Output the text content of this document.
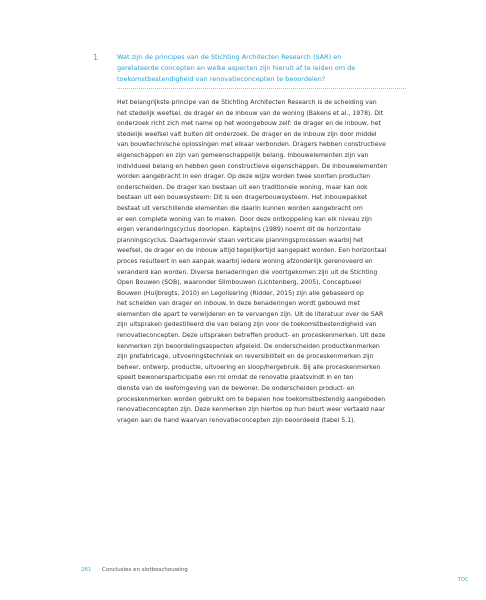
1	Wat zijn de principes van de Stichting Architecten Research (SAR) en
gerelateerde concepten en welke aspecten zijn hieruit af te leiden om de
toekomstbestendigheid van renovatieconcepten te beoordelen?
Het belangrijkste principe van de Stichting Architecten Research is de scheiding van
het stedelijk weefsel, de drager en de inbouw van de woning (Bakens et al., 1978). Dit
onderzoek richt zich met name op het woongebouw zelf: de drager en de inbouw, het
stedelijk weefsel valt buiten dit onderzoek. De drager en de inbouw zijn door middel
van bouwtechnische oplossingen met elkaar verbonden. Dragers hebben constructieve
eigenschappen en zijn van gemeenschappelijk belang. Inbouwelementen zijn van
individueel belang en hebben geen constructieve eigenschappen. De inbouwelementen
worden aangebracht in een drager. Op deze wijze worden twee soorten producten
onderscheiden. De drager kan bestaan uit een traditionele woning, maar kan ook
bestaan uit een bouwsysteem: Dit is een dragerbouwsysteem. Het inbouwpakket
bestaat uit verschillende elementen die daarin kunnen worden aangebracht om
er een complete woning van te maken. Door deze ontkoppeling kan elk niveau zijn
eigen veranderingscyclus doorlopen. Kapteijns (1989) noemt dit de horizontale
planningscyclus. Daartegenover staan verticale planningsprocessen waarbij het
weefsel, de drager en de inbouw altijd tegelijkertijd aangepakt worden. Een horizontaal
proces resulteert in een aanpak waarbij iedere woning afzonderlijk gerenoveerd en
veranderd kan worden. Diverse benaderingen die voortgekomen zijn uit de Stichting
Open Bouwen (SOB), waaronder Slimbouwen (Lichtenberg, 2005), Conceptueel
Bouwen (Huijbregts, 2010) en Legolisering (Ridder, 2015) zijn alle gebaseerd op
het scheiden van drager en inbouw. In deze benaderingen wordt gebouwd met
elementen die apart te verwijderen en te vervangen zijn. Uit de literatuur over de SAR
zijn uitspraken gedestilleerd die van belang zijn voor de toekomstbestendigheid van
renovatieconcepten. Deze uitspraken betreffen product- en proceskenmerken. Uit deze
kenmerken zijn beoordelingsaspecten afgeleid. De onderscheiden productkenmerken
zijn prefabricage, uitvoeringstechniek en reversibiliteit en de proceskenmerken zijn
beheer, ontwerp, productie, uitvoering en sloop/hergebruik. Bij alle proceskenmerken
speelt bewonersparticipatie een rol omdat de renovatie plaatsvindt in en ten
dienste van de leefomgeving van de bewoner. De onderscheiden product- en
proceskenmerken worden gebruikt om te bepalen hoe toekomstbestendig aangeboden
renovatieconcepten zijn. Deze kenmerken zijn hiertoe op hun beurt weer vertaald naar
vragen aan de hand waarvan renovatieconcepten zijn beoordeeld (tabel 5.1).
261 Conclusies en slotbeschouwing
TOC
